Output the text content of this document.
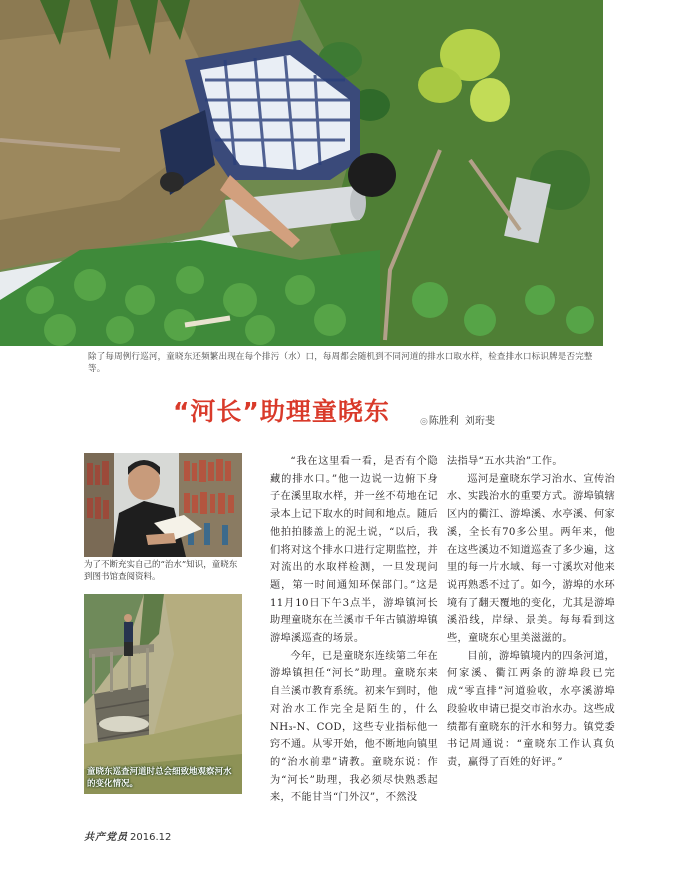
除了每周例行巡河，童晓东还频繁出现在每个排污（水）口，每周都会随机到不同河道的排水口取水样，检查排水口标识牌是否完整等。
“河长”助理童晓东	◎陈胜利 刘珩斐
为了不断充实自己的“治水”知识，童晓东到图书馆查阅资料。
童晓东巡查河道时总会细致地观察河水的变化情况。

“我在这里看一看，是否有个隐藏的排水口。”他一边说一边俯下身子在溪里取水样，并一丝不苟地在记录本上记下取水的时间和地点。随后他拍拍膝盖上的泥土说，“以后，我们将对这个排水口进行定期监控，并对流出的水取样检测，一旦发现问题，第一时间通知环保部门。”这是11月10日下午3点半，游埠镇河长助理童晓东在兰溪市千年古镇游埠镇游埠溪巡查的场景。

今年，已是童晓东连续第二年在游埠镇担任“河长”助理。童晓东来自兰溪市教育系统。初来乍到时，他对治水工作完全是陌生的，什么NH₃-N、COD，这些专业指标他一窍不通。从零开始，他不断地向镇里的“治水前辈”请教。童晓东说：作为“河长”助理，我必须尽快熟悉起来，不能甘当“门外汉”，不然没

法指导“五水共治”工作。

巡河是童晓东学习治水、宣传治水、实践治水的重要方式。游埠镇辖区内的衢江、游埠溪、水亭溪、何家溪，全长有70多公里。两年来，他在这些溪边不知道巡查了多少遍，这里的每一片水域、每一寸溪坎对他来说再熟悉不过了。如今，游埠的水环境有了翻天覆地的变化，尤其是游埠溪沿线，岸绿、景美。每每看到这些，童晓东心里美滋滋的。

目前，游埠镇境内的四条河道，何家溪、衢江两条的游埠段已完成“零直排”河道验收，水亭溪游埠段验收申请已提交市治水办。这些成绩都有童晓东的汗水和努力。镇党委书记周通说：“童晓东工作认真负责，赢得了百姓的好评。”

共产党员 2016.12
